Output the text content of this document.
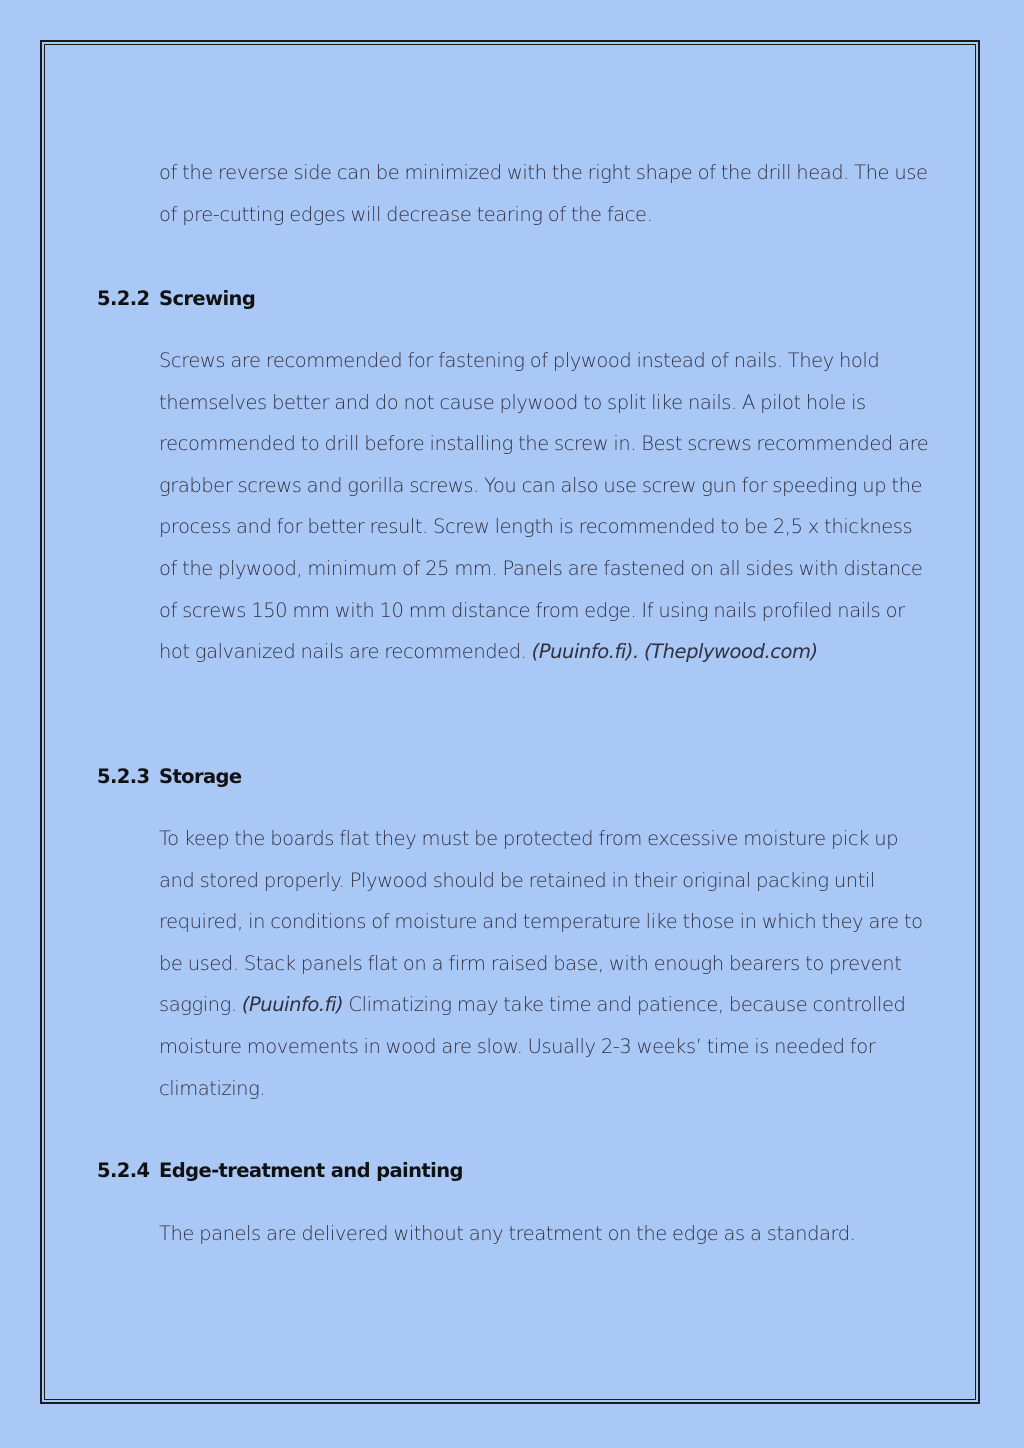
of the reverse side can be minimized with the right shape of the drill head. The use of pre-cutting edges will decrease tearing of the face.

5.2.2 Screwing

Screws are recommended for fastening of plywood instead of nails. They hold themselves better and do not cause plywood to split like nails. A pilot hole is recommended to drill before installing the screw in. Best screws recommended are grabber screws and gorilla screws. You can also use screw gun for speeding up the process and for better result. Screw length is recommended to be 2,5 x thickness of the plywood, minimum of 25 mm. Panels are fastened on all sides with distance of screws 150 mm with 10 mm distance from edge. If using nails profiled nails or hot galvanized nails are recommended. (Puuinfo.fi). (Theplywood.com)

5.2.3 Storage

To keep the boards flat they must be protected from excessive moisture pick up and stored properly. Plywood should be retained in their original packing until required, in conditions of moisture and temperature like those in which they are to be used. Stack panels flat on a firm raised base, with enough bearers to prevent sagging. (Puuinfo.fi) Climatizing may take time and patience, because controlled moisture movements in wood are slow. Usually 2-3 weeks’ time is needed for climatizing.

5.2.4 Edge-treatment and painting

The panels are delivered without any treatment on the edge as a standard.
